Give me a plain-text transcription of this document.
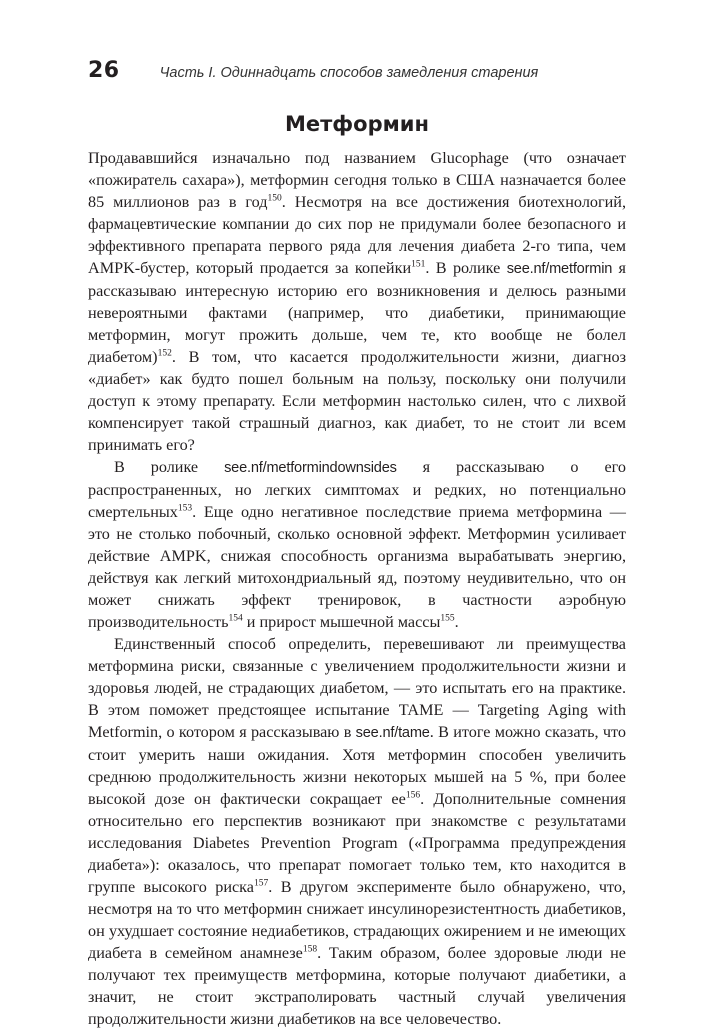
26	Часть I. Одиннадцать способов замедления старения
Метформин

Продававшийся изначально под названием Glucophage (что означает «пожиратель сахара»), метформин сегодня только в США назначается более 85 миллионов раз в год$^{150}$. Несмотря на все достижения биотехнологий, фармацевтические компании до сих пор не придумали более безопасного и эффективного препарата первого ряда для лечения диабета 2-го типа, чем AMPK-бустер, который продается за копейки$^{151}$. В ролике see.nf/metformin я рассказываю интересную историю его возникновения и делюсь разными невероятными фактами (например, что диабетики, принимающие метформин, могут прожить дольше, чем те, кто вообще не болел диабетом)$^{152}$. В том, что касается продолжительности жизни, диагноз «диабет» как будто пошел больным на пользу, поскольку они получили доступ к этому препарату. Если метформин настолько силен, что с лихвой компенсирует такой страшный диагноз, как диабет, то не стоит ли всем принимать его?

В ролике see.nf/metformindownsides я рассказываю о его распространенных, но легких симптомах и редких, но потенциально смертельных$^{153}$. Еще одно негативное последствие приема метформина — это не столько побочный, сколько основной эффект. Метформин усиливает действие AMPK, снижая способность организма вырабатывать энергию, действуя как легкий митохондриальный яд, поэтому неудивительно, что он может снижать эффект тренировок, в частности аэробную производительность$^{154}$ и прирост мышечной массы$^{155}$.

Единственный способ определить, перевешивают ли преимущества метформина риски, связанные с увеличением продолжительности жизни и здоровья людей, не страдающих диабетом, — это испытать его на практике. В этом поможет предстоящее испытание TAME — Targeting Aging with Metformin, о котором я рассказываю в see.nf/tame. В итоге можно сказать, что стоит умерить наши ожидания. Хотя метформин способен увеличить среднюю продолжительность жизни некоторых мышей на 5 %, при более высокой дозе он фактически сокращает $ее^{156}$. Дополнительные сомнения относительно его перспектив возникают при знакомстве с результатами исследования Diabetes Prevention Program («Программа предупреждения диабета»): оказалось, что препарат помогает только тем, кто находится в группе высокого риска$^{157}$. В другом эксперименте было обнаружено, что, несмотря на то что метформин снижает инсулинорезистентность диабетиков, он ухудшает состояние недиабетиков, страдающих ожирением и не имеющих диабета в семейном анамнезе$^{158}$. Таким образом, более здоровые люди не получают тех преимуществ метформина, которые получают диабетики, а значит, не стоит экстраполировать частный случай увеличения продолжительности жизни диабетиков на все человечество.
